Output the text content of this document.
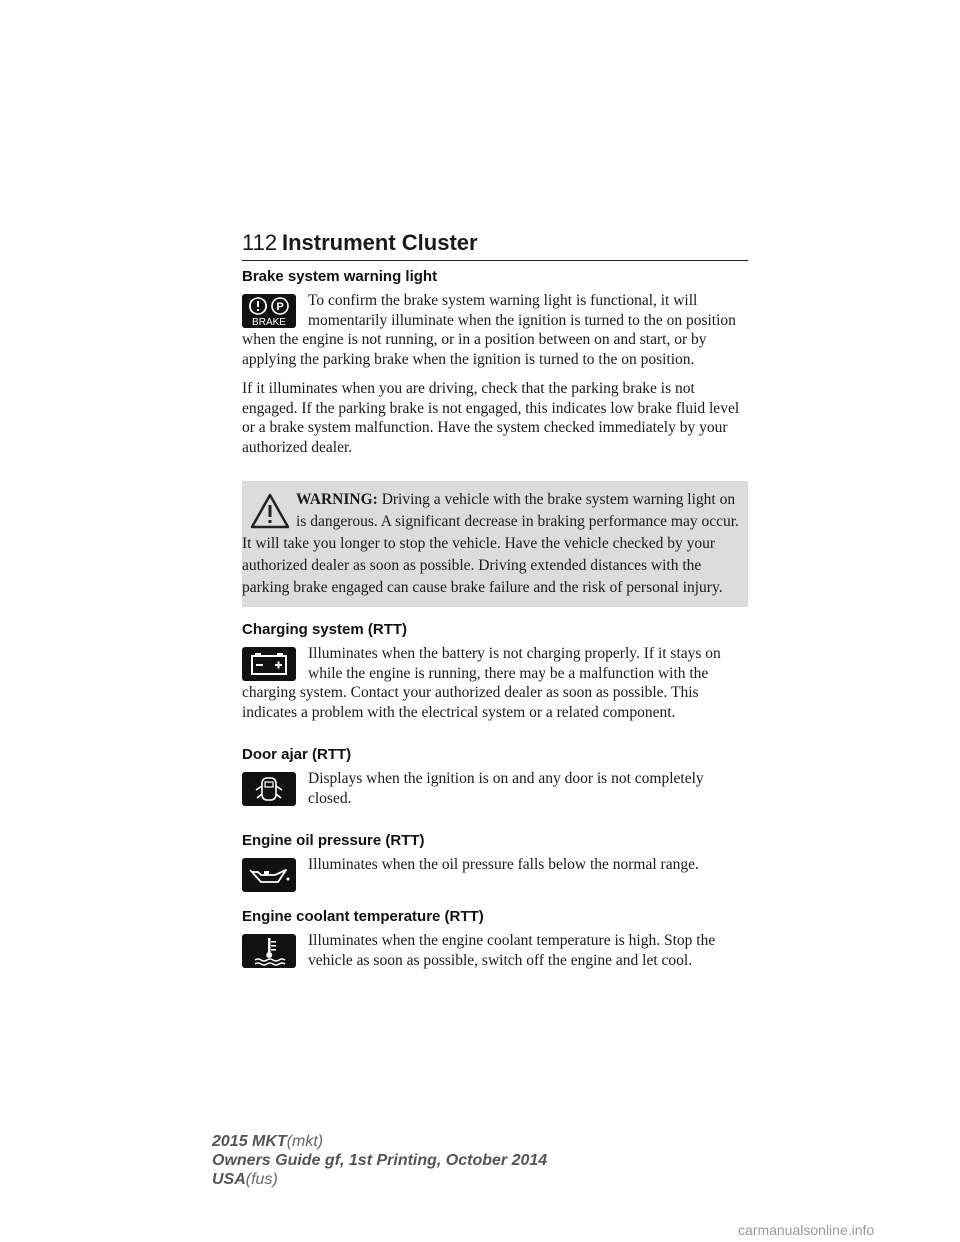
112 Instrument Cluster
Brake system warning light
P
BRAKE

To confirm the brake system warning light is functional, it will momentarily illuminate when the ignition is turned to the on position when the engine is not running, or in a position between on and start, or by applying the parking brake when the ignition is turned to the on position.

If it illuminates when you are driving, check that the parking brake is not engaged. If the parking brake is not engaged, this indicates low brake fluid level or a brake system malfunction. Have the system checked immediately by your authorized dealer.

WARNING: Driving a vehicle with the brake system warning light on is dangerous. A significant decrease in braking performance may occur. It will take you longer to stop the vehicle. Have the vehicle checked by your authorized dealer as soon as possible. Driving extended distances with the parking brake engaged can cause brake failure and the risk of personal injury.
Charging system (RTT)

Illuminates when the battery is not charging properly. If it stays on while the engine is running, there may be a malfunction with the charging system. Contact your authorized dealer as soon as possible. This indicates a problem with the electrical system or a related component.

Door ajar (RTT)

Displays when the ignition is on and any door is not completely closed.

Engine oil pressure (RTT)

Illuminates when the oil pressure falls below the normal range.

Engine coolant temperature (RTT)

Illuminates when the engine coolant temperature is high. Stop the vehicle as soon as possible, switch off the engine and let cool.

2015 MKT(mkt)
Owners Guide gf, 1st Printing, October 2014
USA(fus)
carmanualsonline.info
